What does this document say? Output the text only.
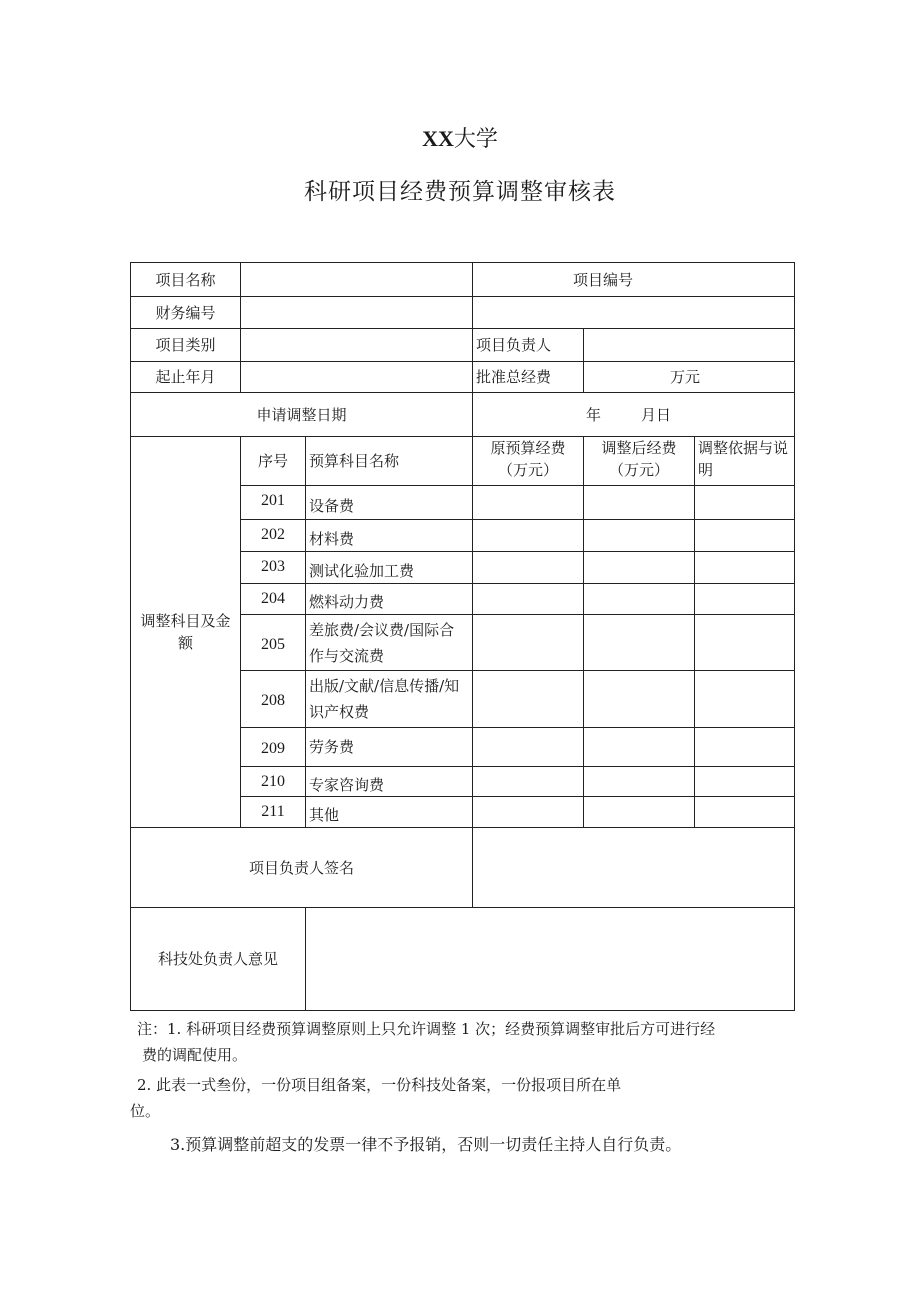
XX大学
科研项目经费预算调整审核表
项目名称			项目编号		
财务编号					
项目类别			项目负责人		
起止年月			批准总经费	万元	
申请调整日期			年 月日		
调整科目及金额	序号	预算科目名称	原预算经费（万元）	调整后经费（万元）	调整依据与说明
	201	设备费			
	202	材料费			
	203	测试化验加工费			
	204	燃料动力费			
	205	差旅费/会议费/国际合作与交流费			
	208	出版/文献/信息传播/知识产权费			
	209	劳务费			
	210	专家咨询费			
	211	其他			
项目负责人签名					
科技处负责人意见					

注：1. 科研项目经费预算调整原则上只允许调整 1 次；经费预算调整审批后方可进行经

费的调配使用。

2. 此表一式叁份，一份项目组备案，一份科技处备案，一份报项目所在单

位。

3.预算调整前超支的发票一律不予报销，否则一切责任主持人自行负责。
